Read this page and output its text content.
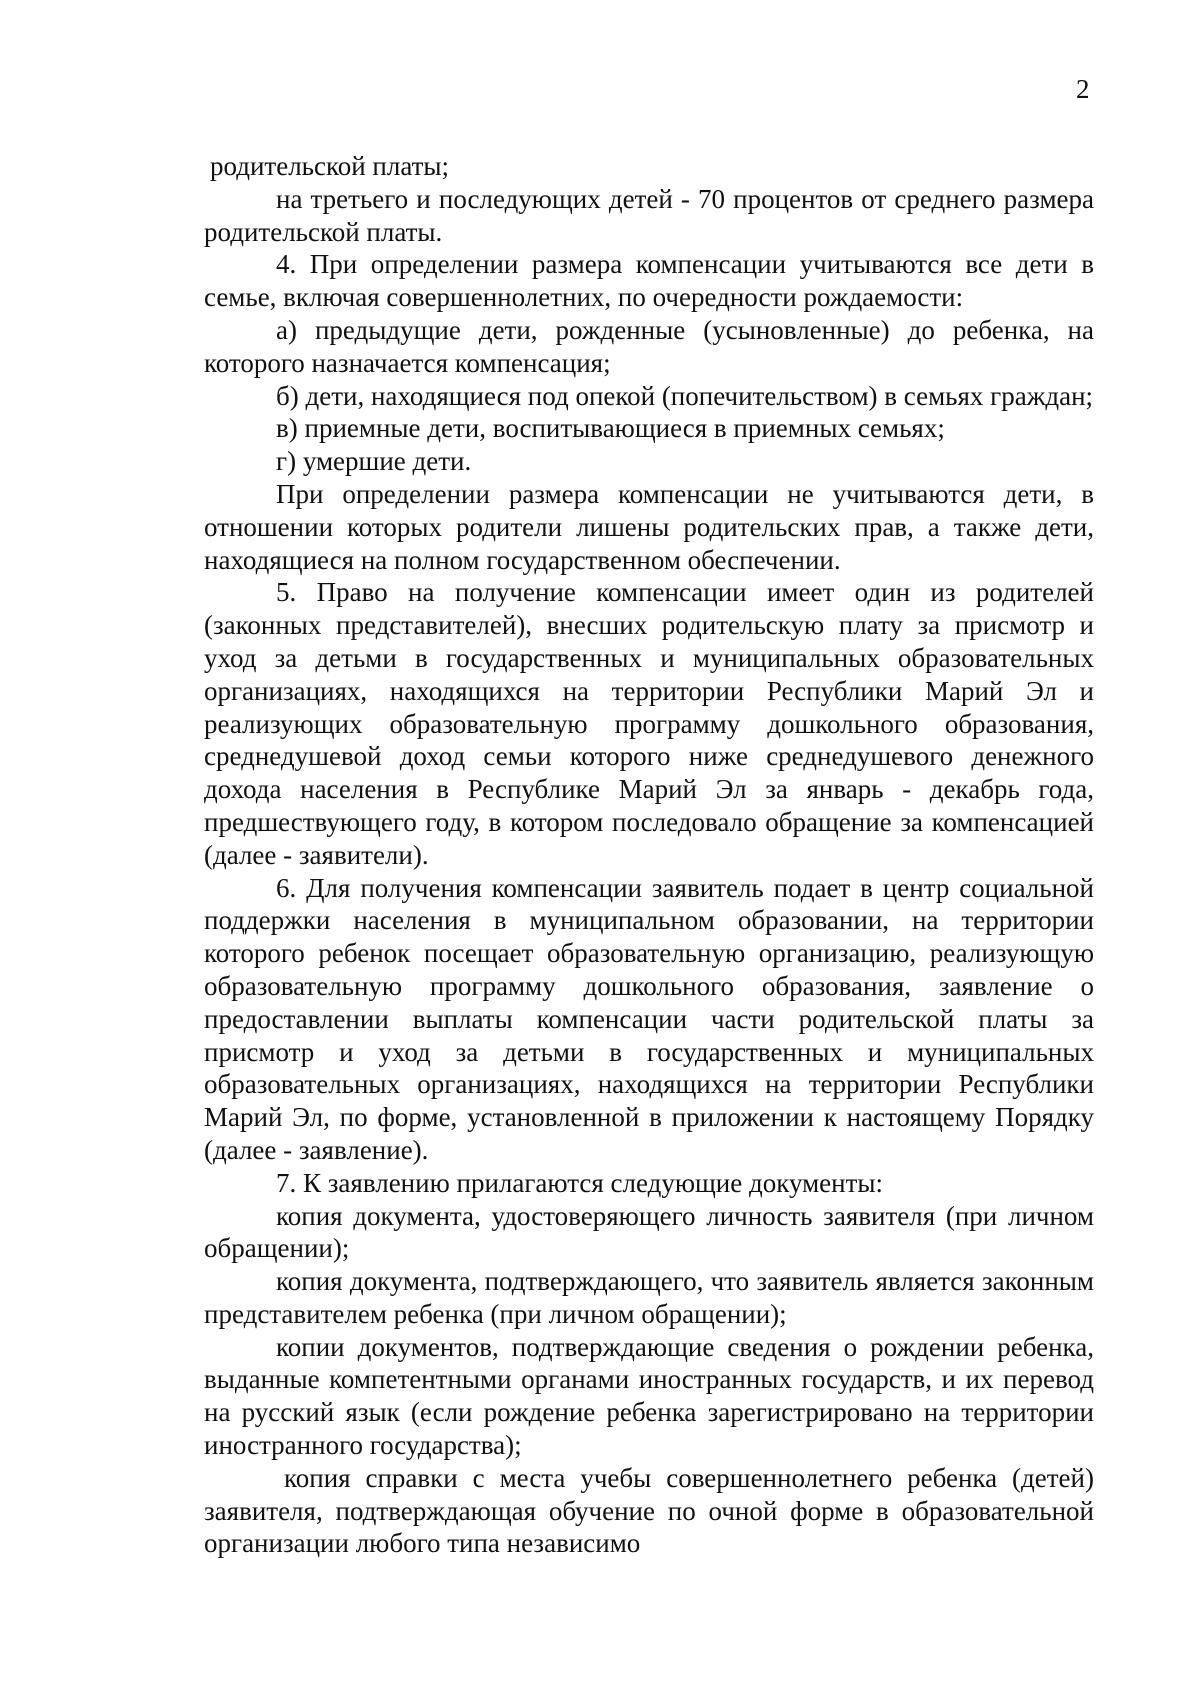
2

родительской платы;

на третьего и последующих детей - 70 процентов от среднего размера родительской платы.

4. При определении размера компенсации учитываются все дети в семье, включая совершеннолетних, по очередности рождаемости:

а) предыдущие дети, рожденные (усыновленные) до ребенка, на которого назначается компенсация;

б) дети, находящиеся под опекой (попечительством) в семьях граждан;

в) приемные дети, воспитывающиеся в приемных семьях;

г) умершие дети.

При определении размера компенсации не учитываются дети, в отношении которых родители лишены родительских прав, а также дети, находящиеся на полном государственном обеспечении.

5. Право на получение компенсации имеет один из родителей (законных представителей), внесших родительскую плату за присмотр и уход за детьми в государственных и муниципальных образовательных организациях, находящихся на территории Республики Марий Эл и реализующих образовательную программу дошкольного образования, среднедушевой доход семьи которого ниже среднедушевого денежного дохода населения в Республике Марий Эл за январь - декабрь года, предшествующего году, в котором последовало обращение за компенсацией (далее - заявители).

6. Для получения компенсации заявитель подает в центр социальной поддержки населения в муниципальном образовании, на территории которого ребенок посещает образовательную организацию, реализующую образовательную программу дошкольного образования, заявление о предоставлении выплаты компенсации части родительской платы за присмотр и уход за детьми в государственных и муниципальных образовательных организациях, находящихся на территории Республики Марий Эл, по форме, установленной в приложении к настоящему Порядку (далее - заявление).

7. К заявлению прилагаются следующие документы:

копия документа, удостоверяющего личность заявителя (при личном обращении);

копия документа, подтверждающего, что заявитель является законным представителем ребенка (при личном обращении);

копии документов, подтверждающие сведения о рождении ребенка, выданные компетентными органами иностранных государств, и их перевод на русский язык (если рождение ребенка зарегистрировано на территории иностранного государства);

копия справки с места учебы совершеннолетнего ребенка (детей) заявителя, подтверждающая обучение по очной форме в образовательной организации любого типа независимо
